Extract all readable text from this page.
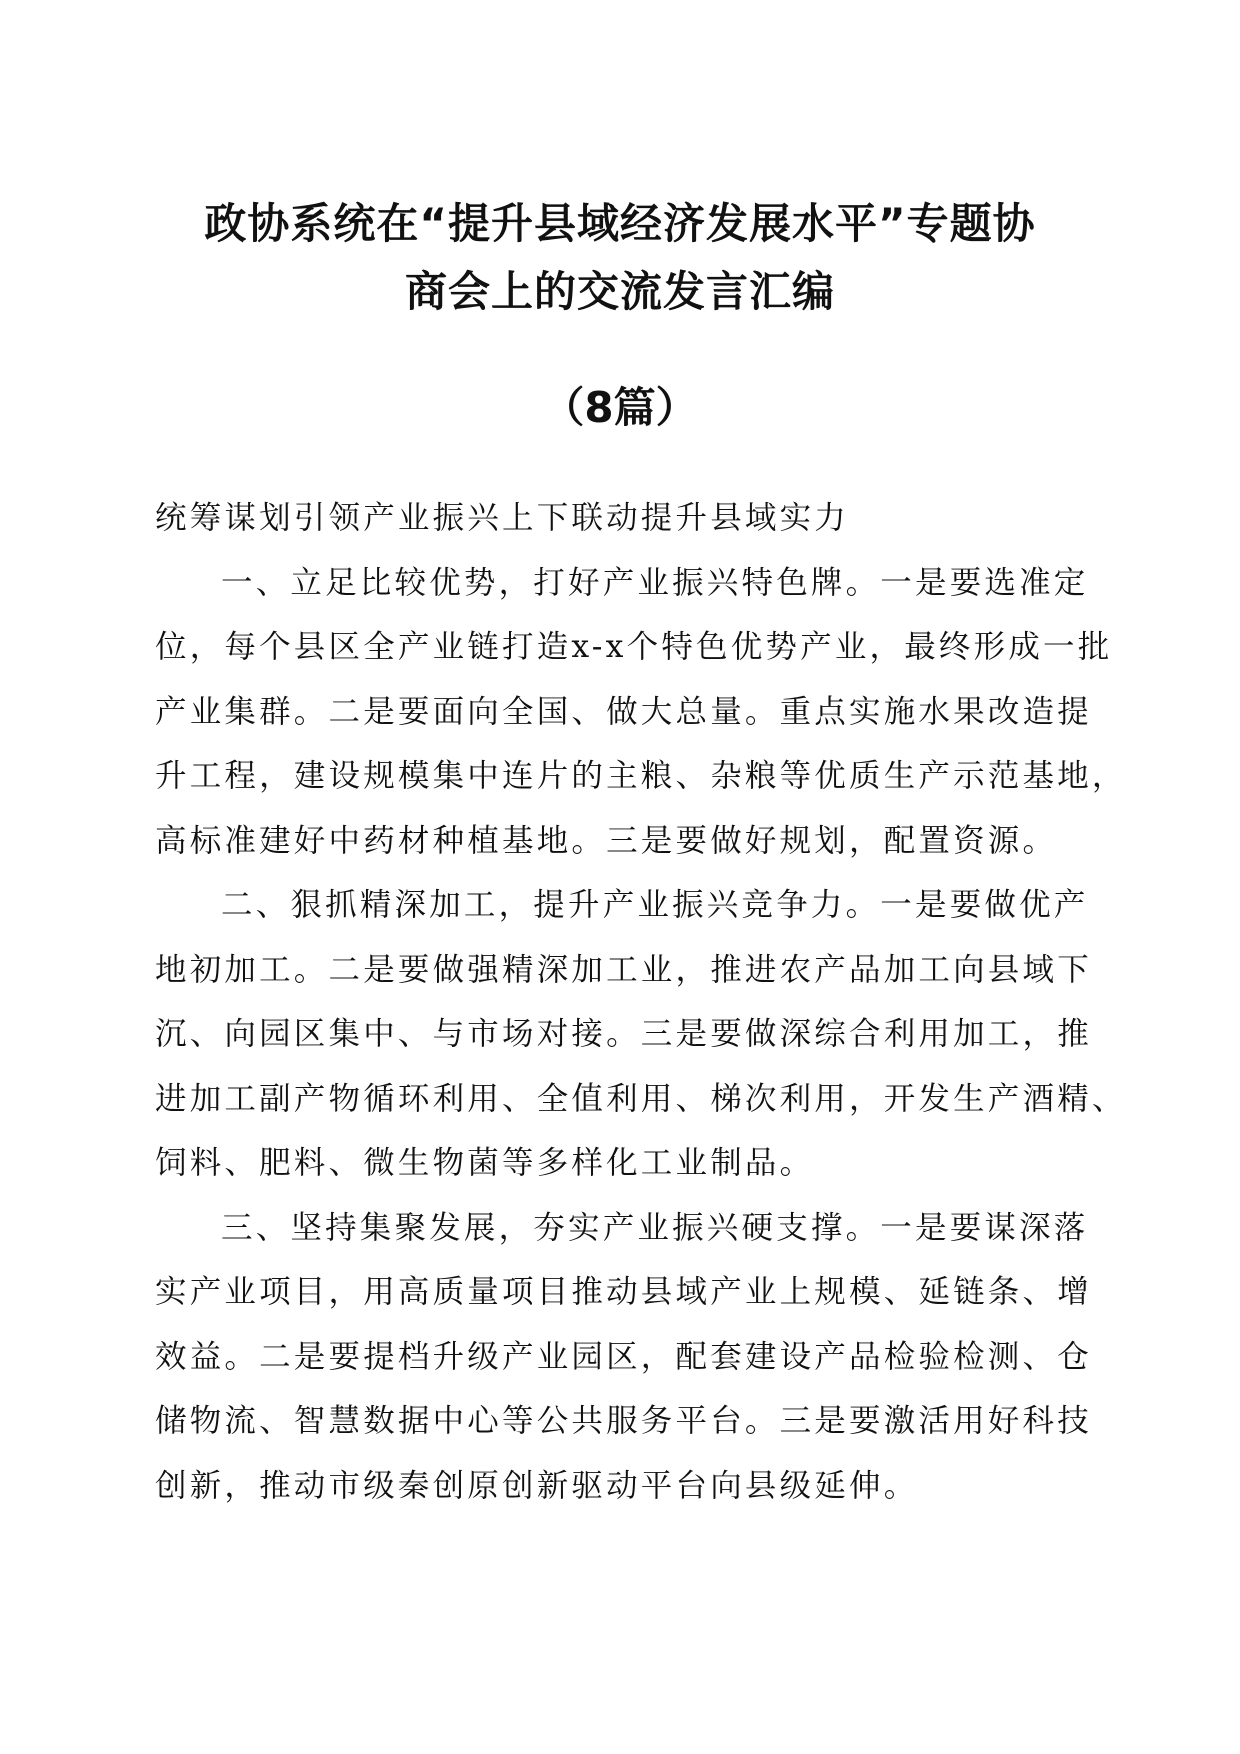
政协系统在“提升县域经济发展水平”专题协
商会上的交流发言汇编
（8篇）
统筹谋划引领产业振兴上下联动提升县域实力
一、立足比较优势，打好产业振兴特色牌。一是要选准定
位，每个县区全产业链打造x-x个特色优势产业，最终形成一批
产业集群。二是要面向全国、做大总量。重点实施水果改造提
升工程，建设规模集中连片的主粮、杂粮等优质生产示范基地，
高标准建好中药材种植基地。三是要做好规划，配置资源。
二、狠抓精深加工，提升产业振兴竞争力。一是要做优产
地初加工。二是要做强精深加工业，推进农产品加工向县域下
沉、向园区集中、与市场对接。三是要做深综合利用加工，推
进加工副产物循环利用、全值利用、梯次利用，开发生产酒精、
饲料、肥料、微生物菌等多样化工业制品。
三、坚持集聚发展，夯实产业振兴硬支撑。一是要谋深落
实产业项目，用高质量项目推动县域产业上规模、延链条、增
效益。二是要提档升级产业园区，配套建设产品检验检测、仓
储物流、智慧数据中心等公共服务平台。三是要激活用好科技
创新，推动市级秦创原创新驱动平台向县级延伸。
